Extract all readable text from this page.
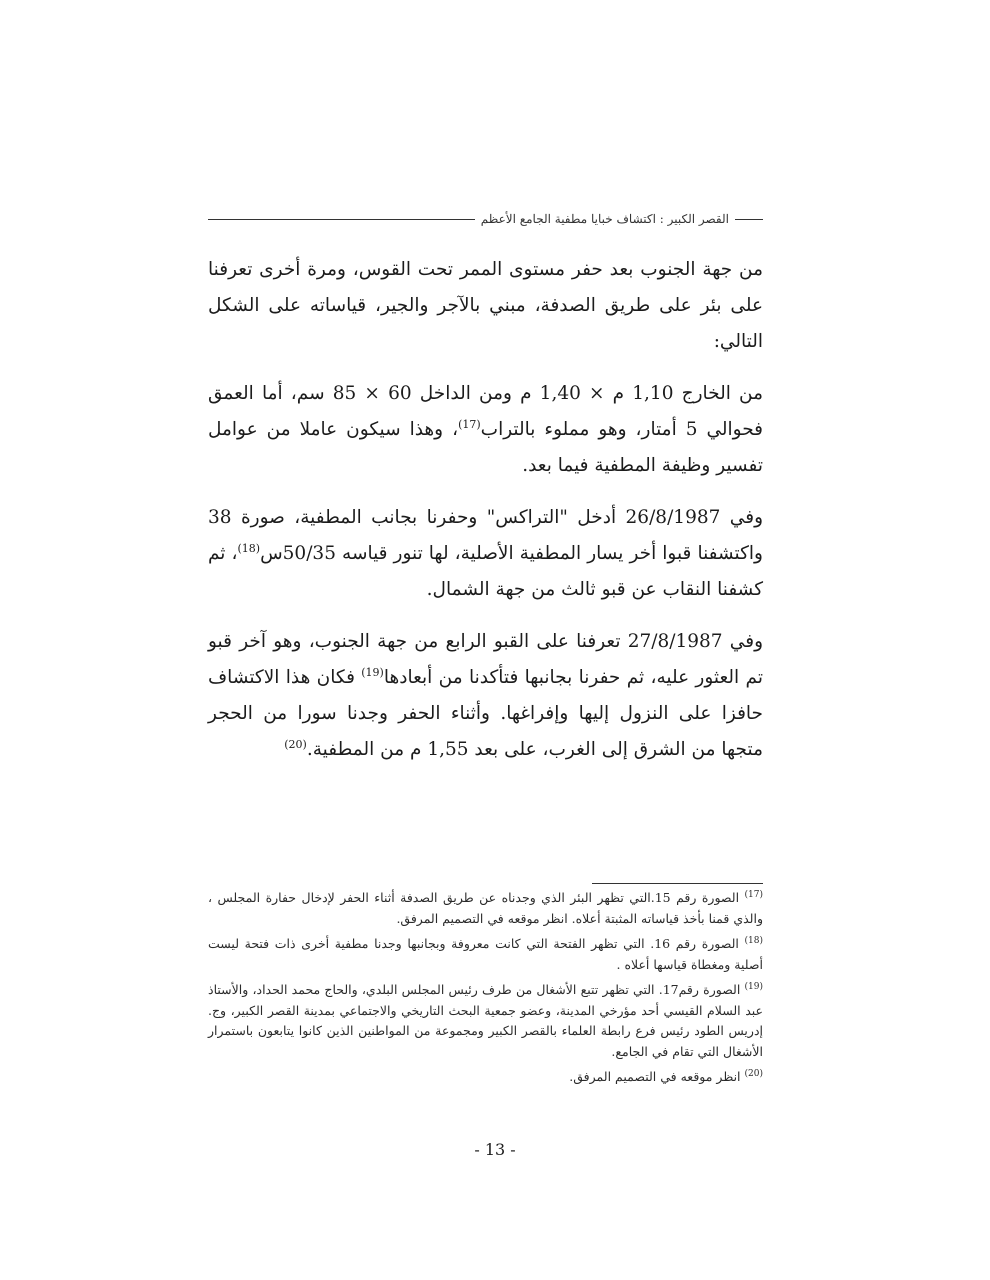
القصر الكبير : اكتشاف خبايا مطفية الجامع الأعظم

من جهة الجنوب بعد حفر مستوى الممر تحت القوس، ومرة أخرى تعرفنا على بئر على طريق الصدفة، مبني بالآجر والجير، قياساته على الشكل التالي:

من الخارج 1,10 م × 1,40 م ومن الداخل 60 × 85 سم، أما العمق فحوالي 5 أمتار، وهو مملوء بالتراب$^{(17)}$، وهذا سيكون عاملا من عوامل تفسير وظيفة المطفية فيما بعد.

وفي 26/8/1987 أدخل "التراكس" وحفرنا بجانب المطفية، صورة 38 واكتشفنا قبوا أخر يسار المطفية الأصلية، لها تنور قياسه 50/35س$^{(18)}$، ثم كشفنا النقاب عن قبو ثالث من جهة الشمال.

وفي 27/8/1987 تعرفنا على القبو الرابع من جهة الجنوب، وهو آخر قبو تم العثور عليه، ثم حفرنا بجانبها فتأكدنا من أبعادها$^{(19)}$ فكان هذا الاكتشاف حافزا على النزول إليها وإفراغها. وأثناء الحفر وجدنا سورا من الحجر متجها من الشرق إلى الغرب، على بعد 1,55 م من المطفية.$^{(20)}$

$^{(17)}$ الصورة رقم 15.التي تظهر البئر الذي وجدناه عن طريق الصدفة أثناء الحفر لإدخال حفارة المجلس ، والذي قمنا بأخذ قياساته المثبتة أعلاه. انظر موقعه في التصميم المرفق.
$^{(18)}$ الصورة رقم 16. التي تظهر الفتحة التي كانت معروفة وبجانبها وجدنا مطفية أخرى ذات فتحة ليست أصلية ومغطاة قياسها أعلاه .
$^{(19)}$ الصورة رقم17. التي تظهر تتبع الأشغال من طرف رئيس المجلس البلدي، والحاج محمد الحداد، والأستاذ عبد السلام القيسي أحد مؤرخي المدينة، وعضو جمعية البحث التاريخي والاجتماعي بمدينة القصر الكبير، وج. إدريس الطود رئيس فرع رابطة العلماء بالقصر الكبير ومجموعة من المواطنين الذين كانوا يتابعون باستمرار الأشغال التي تقام في الجامع.
$^{(20)}$ انظر موقعه في التصميم المرفق.
- 13 -
